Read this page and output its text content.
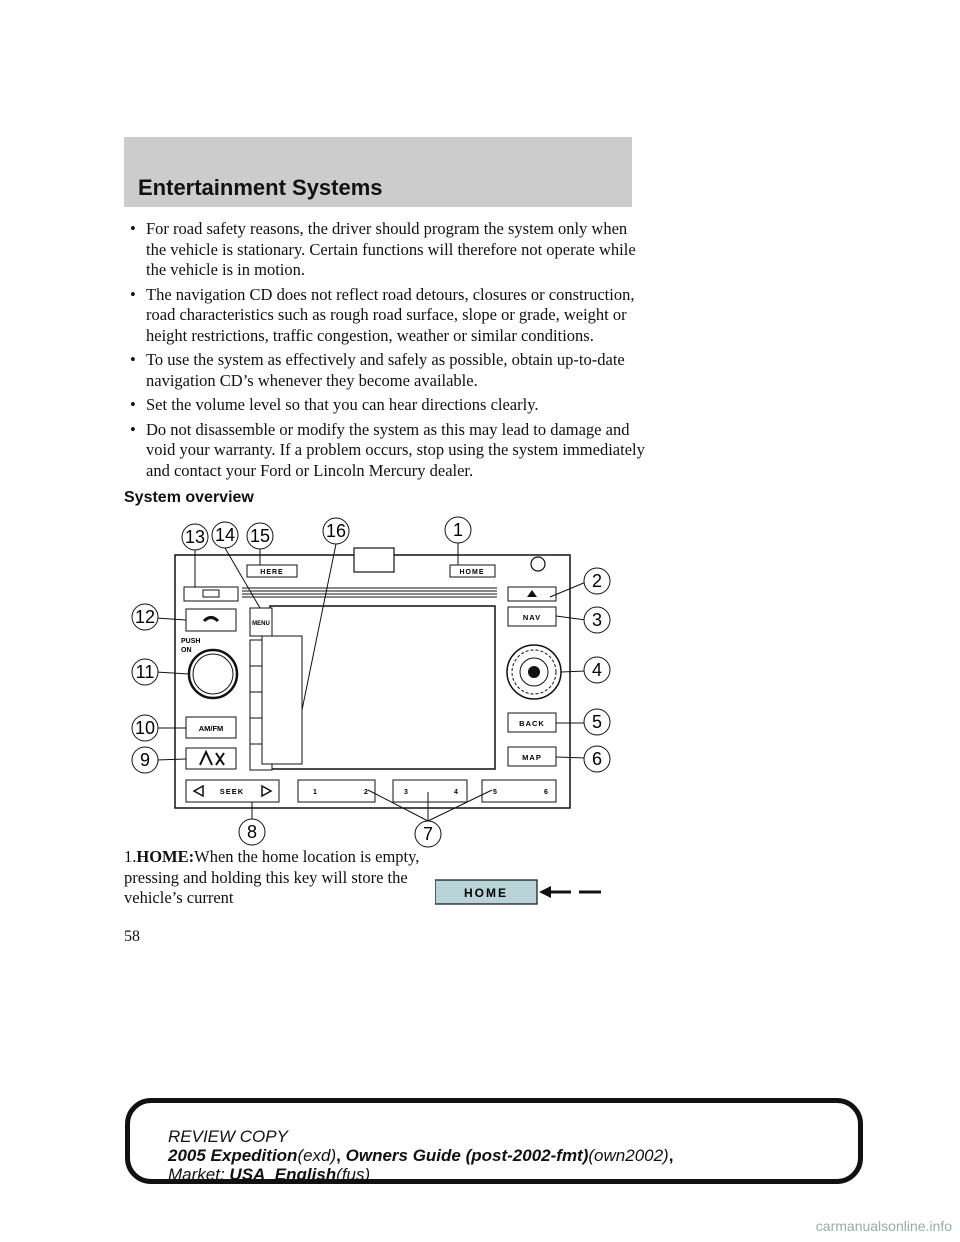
Entertainment Systems
• For road safety reasons, the driver should program the system only when the vehicle is stationary. Certain functions will therefore not operate while the vehicle is in motion.
• The navigation CD does not reflect road detours, closures or construction, road characteristics such as rough road surface, slope or grade, weight or height restrictions, traffic congestion, weather or similar conditions.
• To use the system as effectively and safely as possible, obtain up-to-date navigation CD’s whenever they become available.
• Set the volume level so that you can hear directions clearly.
• Do not disassemble or modify the system as this may lead to damage and void your warranty. If a problem occurs, stop using the system immediately and contact your Ford or Lincoln Mercury dealer.
System overview
HERE	HOME
MENU
PUSH
ON
AM/FM
NAV
BACK
MAP
SEEK	1	2	3	4	5	6
13 14 15	16	1
2
3
4
5
6
7
8
9
10
11
12
1.HOME:When the home location is empty, pressing and holding this key will store the vehicle’s current	HOME
58
REVIEW COPY
2005 Expedition(exd), Owners Guide (post-2002-fmt)(own2002),
Market: USA_English(fus)
carmanualsonline.info
